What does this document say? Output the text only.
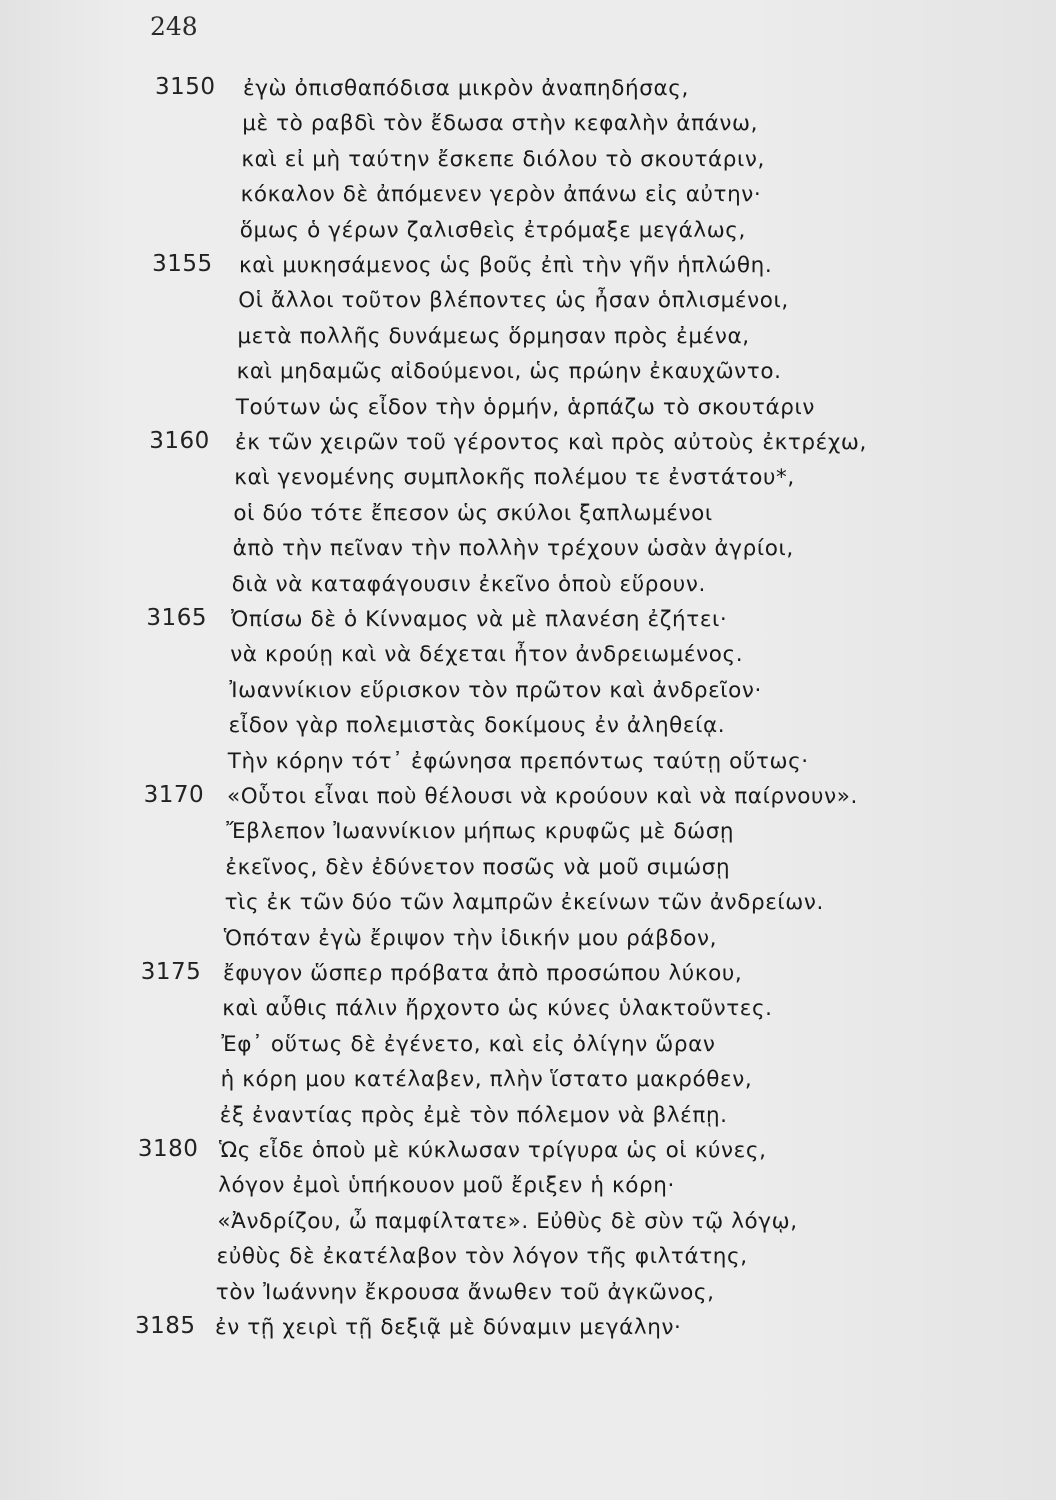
248
3150 ἐγὼ ὀπισθαπόδισα μικρὸν ἀναπηδήσας,
μὲ τὸ ραβδὶ τὸν ἔδωσα στὴν κεφαλὴν ἀπάνω,
καὶ εἰ μὴ ταύτην ἔσκεπε διόλου τὸ σκουτάριν,
κόκαλον δὲ ἀπόμενεν γερὸν ἀπάνω εἰς αὐτην·
ὅμως ὁ γέρων ζαλισθεὶς ἐτρόμαξε μεγάλως,
3155 καὶ μυκησάμενος ὡς βοῦς ἐπὶ τὴν γῆν ἡπλώθη.
Οἱ ἄλλοι τοῦτον βλέποντες ὡς ἦσαν ὁπλισμένοι,
μετὰ πολλῆς δυνάμεως ὅρμησαν πρὸς ἐμένα,
καὶ μηδαμῶς αἰδούμενοι, ὡς πρώην ἐκαυχῶντο.
Τούτων ὡς εἶδον τὴν ὁρμήν, ἁρπάζω τὸ σκουτάριν
3160 ἐκ τῶν χειρῶν τοῦ γέροντος καὶ πρὸς αὐτοὺς ἐκτρέχω,
καὶ γενομένης συμπλοκῆς πολέμου τε ἐνστάτου*,
οἱ δύο τότε ἔπεσον ὡς σκύλοι ξαπλωμένοι
ἀπὸ τὴν πεῖναν τὴν πολλὴν τρέχουν ὡσὰν ἀγρίοι,
διὰ νὰ καταφάγουσιν ἐκεῖνο ὁποὺ εὕρουν.
3165 Ὀπίσω δὲ ὁ Κίνναμος νὰ μὲ πλανέση ἐζήτει·
νὰ κρούῃ καὶ νὰ δέχεται ἦτον ἀνδρειωμένος.
Ἰωαννίκιον εὕρισκον τὸν πρῶτον καὶ ἀνδρεῖον·
εἶδον γὰρ πολεμιστὰς δοκίμους ἐν ἀληθείᾳ.
Τὴν κόρην τότ᾽ ἐφώνησα πρεπόντως ταύτῃ οὕτως·
3170 «Οὗτοι εἶναι ποὺ θέλουσι νὰ κρούουν καὶ νὰ παίρνουν».
Ἔβλεπον Ἰωαννίκιον μήπως κρυφῶς μὲ δώσῃ
ἐκεῖνος, δὲν ἐδύνετον ποσῶς νὰ μοῦ σιμώσῃ
τὶς ἐκ τῶν δύο τῶν λαμπρῶν ἐκείνων τῶν ἀνδρείων.
Ὁπόταν ἐγὼ ἔριψον τὴν ἰδικήν μου ράβδον,
3175 ἔφυγον ὥσπερ πρόβατα ἀπὸ προσώπου λύκου,
καὶ αὖθις πάλιν ἤρχοντο ὡς κύνες ὑλακτοῦντες.
Ἐφ᾽ οὕτως δὲ ἐγένετο, καὶ εἰς ὀλίγην ὥραν
ἡ κόρη μου κατέλαβεν, πλὴν ἵστατο μακρόθεν,
ἐξ ἐναντίας πρὸς ἐμὲ τὸν πόλεμον νὰ βλέπῃ.
3180 Ὡς εἶδε ὁποὺ μὲ κύκλωσαν τρίγυρα ὡς οἱ κύνες,
λόγον ἐμοὶ ὑπήκουον μοῦ ἔριξεν ἡ κόρη·
«Ἀνδρίζου, ὦ παμφίλτατε». Εὐθὺς δὲ σὺν τῷ λόγῳ,
εὐθὺς δὲ ἐκατέλαβον τὸν λόγον τῆς φιλτάτης,
τὸν Ἰωάννην ἔκρουσα ἄνωθεν τοῦ ἀγκῶνος,
3185 ἐν τῇ χειρὶ τῇ δεξιᾷ μὲ δύναμιν μεγάλην·
